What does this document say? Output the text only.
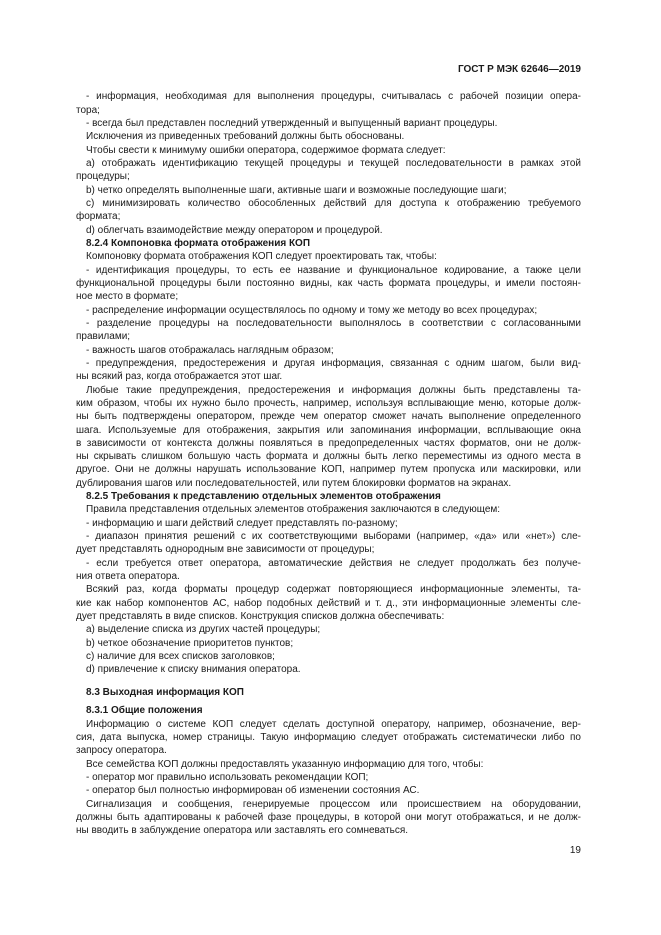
ГОСТ Р МЭК 62646—2019
- информация, необходимая для выполнения процедуры, считывалась с рабочей позиции опера-
тора;
- всегда был представлен последний утвержденный и выпущенный вариант процедуры.
Исключения из приведенных требований должны быть обоснованы.
Чтобы свести к минимуму ошибки оператора, содержимое формата следует:
a) отображать идентификацию текущей процедуры и текущей последовательности в рамках этой
процедуры;
b) четко определять выполненные шаги, активные шаги и возможные последующие шаги;
c) минимизировать количество обособленных действий для доступа к отображению требуемого
формата;
d) облегчать взаимодействие между оператором и процедурой.
8.2.4 Компоновка формата отображения КОП
Компоновку формата отображения КОП следует проектировать так, чтобы:
- идентификация процедуры, то есть ее название и функциональное кодирование, а также цели
функциональной процедуры были постоянно видны, как часть формата процедуры, и имели постоян-
ное место в формате;
- распределение информации осуществлялось по одному и тому же методу во всех процедурах;
- разделение процедуры на последовательности выполнялось в соответствии с согласованными
правилами;
- важность шагов отображалась наглядным образом;
- предупреждения, предостережения и другая информация, связанная с одним шагом, были вид-
ны всякий раз, когда отображается этот шаг.
Любые такие предупреждения, предостережения и информация должны быть представлены та-
ким образом, чтобы их нужно было прочесть, например, используя всплывающие меню, которые долж-
ны быть подтверждены оператором, прежде чем оператор сможет начать выполнение определенного
шага. Используемые для отображения, закрытия или запоминания информации, всплывающие окна
в зависимости от контекста должны появляться в предопределенных частях форматов, они не долж-
ны скрывать слишком большую часть формата и должны быть легко переместимы из одного места в
другое. Они не должны нарушать использование КОП, например путем пропуска или маскировки, или
дублирования шагов или последовательностей, или путем блокировки форматов на экранах.
8.2.5 Требования к представлению отдельных элементов отображения
Правила представления отдельных элементов отображения заключаются в следующем:
- информацию и шаги действий следует представлять по-разному;
- диапазон принятия решений с их соответствующими выборами (например, «да» или «нет») сле-
дует представлять однородным вне зависимости от процедуры;
- если требуется ответ оператора, автоматические действия не следует продолжать без получе-
ния ответа оператора.
Всякий раз, когда форматы процедур содержат повторяющиеся информационные элементы, та-
кие как набор компонентов АС, набор подобных действий и т. д., эти информационные элементы сле-
дует представлять в виде списков. Конструкция списков должна обеспечивать:
a) выделение списка из других частей процедуры;
b) четкое обозначение приоритетов пунктов;
c) наличие для всех списков заголовков;
d) привлечение к списку внимания оператора.
8.3 Выходная информация КОП
8.3.1 Общие положения
Информацию о системе КОП следует сделать доступной оператору, например, обозначение, вер-
сия, дата выпуска, номер страницы. Такую информацию следует отображать систематически либо по
запросу оператора.
Все семейства КОП должны предоставлять указанную информацию для того, чтобы:
- оператор мог правильно использовать рекомендации КОП;
- оператор был полностью информирован об изменении состояния АС.
Сигнализация и сообщения, генерируемые процессом или происшествием на оборудовании,
должны быть адаптированы к рабочей фазе процедуры, в которой они могут отображаться, и не долж-
ны вводить в заблуждение оператора или заставлять его сомневаться.
19
